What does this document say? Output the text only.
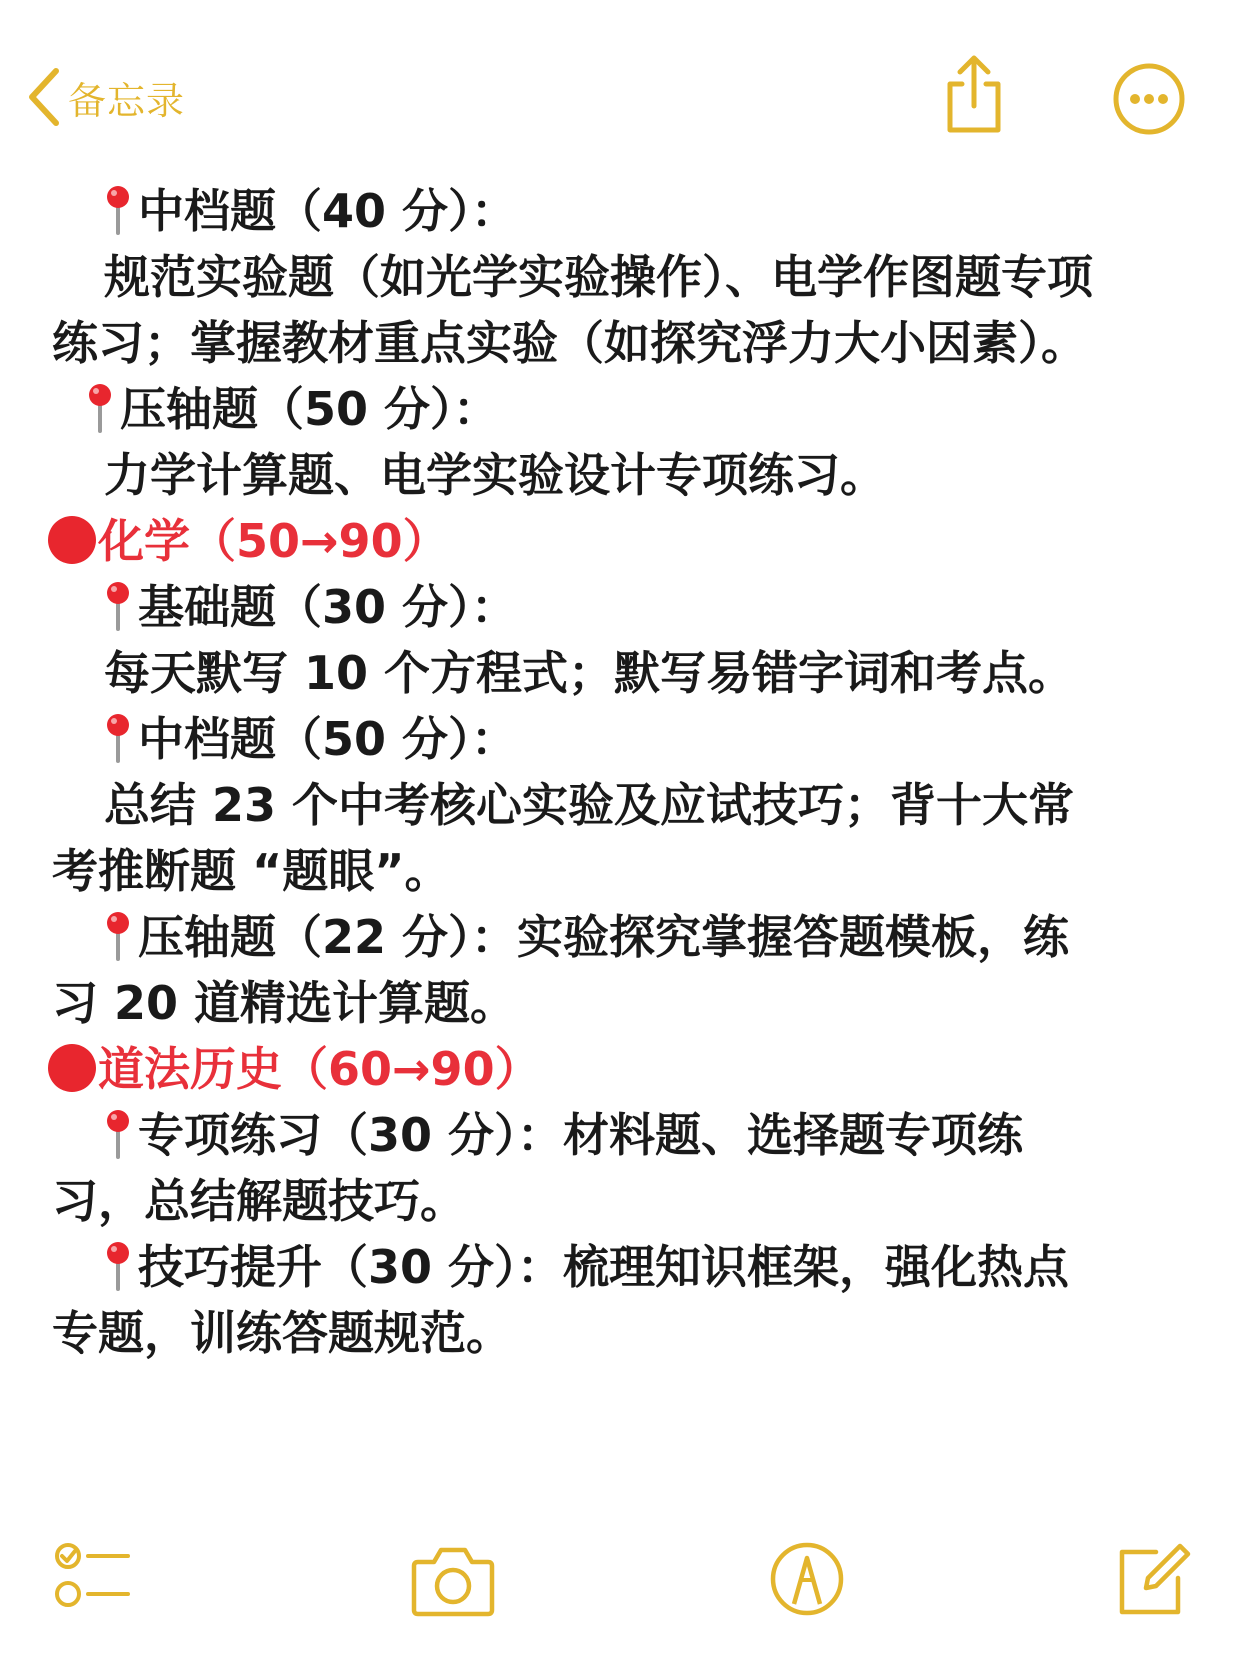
备忘录
中档题（40 分）：
规范实验题（如光学实验操作）、电学作图题专项
练习；掌握教材重点实验（如探究浮力大小因素）。
压轴题（50 分）：
力学计算题、电学实验设计专项练习。
化学（50→90）
基础题（30 分）：
每天默写 10 个方程式；默写易错字词和考点。
中档题（50 分）：
总结 23 个中考核心实验及应试技巧；背十大常
考推断题 “题眼”。
压轴题（22 分）：实验探究掌握答题模板，练
习 20 道精选计算题。
道法历史（60→90）
专项练习（30 分）：材料题、选择题专项练
习，总结解题技巧。
技巧提升（30 分）：梳理知识框架，强化热点
专题，训练答题规范。
